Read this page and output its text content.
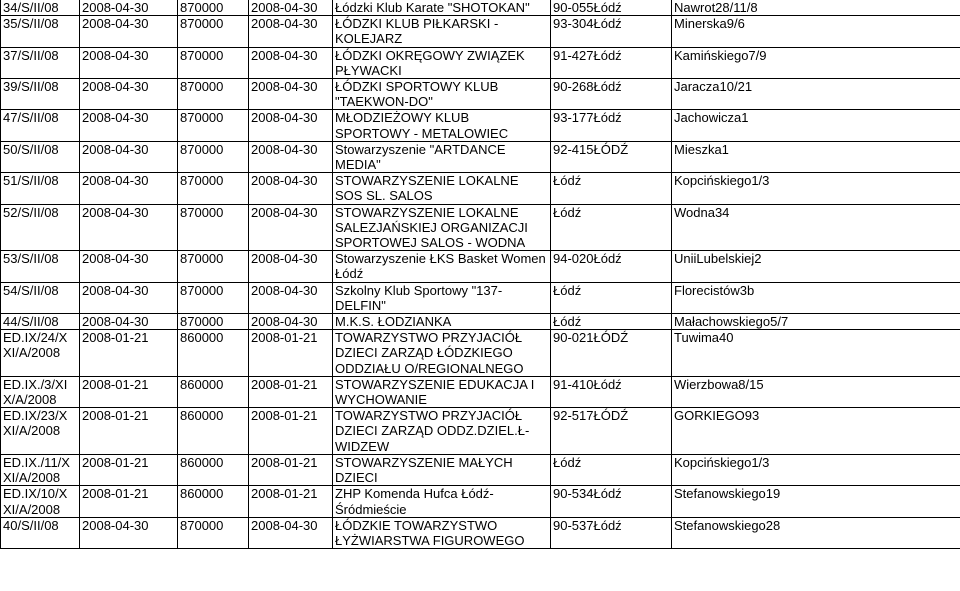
34/S/II/08	2008-04-30	870000	2008-04-30	Łódzki Klub Karate "SHOTOKAN"	90-055Łódź	Nawrot28/11/8
35/S/II/08	2008-04-30	870000	2008-04-30	ŁÓDZKI KLUB PIŁKARSKI - KOLEJARZ	93-304Łódź	Minerska9/6
37/S/II/08	2008-04-30	870000	2008-04-30	ŁÓDZKI OKRĘGOWY ZWIĄZEK PŁYWACKI	91-427Łódź	Kamińskiego7/9
39/S/II/08	2008-04-30	870000	2008-04-30	ŁÓDZKI SPORTOWY KLUB "TAEKWON-DO"	90-268Łódź	Jaracza10/21
47/S/II/08	2008-04-30	870000	2008-04-30	MŁODZIEŻOWY KLUB SPORTOWY - METALOWIEC	93-177Łódź	Jachowicza1
50/S/II/08	2008-04-30	870000	2008-04-30	Stowarzyszenie "ARTDANCE MEDIA"	92-415ŁÓDŹ	Mieszka1
51/S/II/08	2008-04-30	870000	2008-04-30	STOWARZYSZENIE LOKALNE SOS SL. SALOS	Łódź	Kopcińskiego1/3
52/S/II/08	2008-04-30	870000	2008-04-30	STOWARZYSZENIE LOKALNE SALEZJAŃSKIEJ ORGANIZACJI SPORTOWEJ SALOS - WODNA	Łódź	Wodna34
53/S/II/08	2008-04-30	870000	2008-04-30	Stowarzyszenie ŁKS Basket Women Łódź	94-020Łódź	UniiLubelskiej2
54/S/II/08	2008-04-30	870000	2008-04-30	Szkolny Klub Sportowy "137-DELFIN"	Łódź	Florecistów3b
44/S/II/08	2008-04-30	870000	2008-04-30	M.K.S. ŁODZIANKA	Łódź	Małachowskiego5/7
ED.IX/24/X XI/A/2008	2008-01-21	860000	2008-01-21	TOWARZYSTWO PRZYJACIÓŁ DZIECI ZARZĄD ŁÓDZKIEGO ODDZIAŁU O/REGIONALNEGO	90-021ŁÓDŹ	Tuwima40
ED.IX./3/XI X/A/2008	2008-01-21	860000	2008-01-21	STOWARZYSZENIE EDUKACJA I WYCHOWANIE	91-410Łódź	Wierzbowa8/15
ED.IX/23/X XI/A/2008	2008-01-21	860000	2008-01-21	TOWARZYSTWO PRZYJACIÓŁ DZIECI ZARZĄD ODDZ.DZIEL.Ł-WIDZEW	92-517ŁÓDŹ	GORKIEGO93
ED.IX./11/X XI/A/2008	2008-01-21	860000	2008-01-21	STOWARZYSZENIE MAŁYCH DZIECI	Łódź	Kopcińskiego1/3
ED.IX/10/X XI/A/2008	2008-01-21	860000	2008-01-21	ZHP Komenda Hufca Łódź-Śródmieście	90-534Łódź	Stefanowskiego19
40/S/II/08	2008-04-30	870000	2008-04-30	ŁÓDZKIE TOWARZYSTWO ŁYŻWIARSTWA FIGUROWEGO	90-537Łódź	Stefanowskiego28
